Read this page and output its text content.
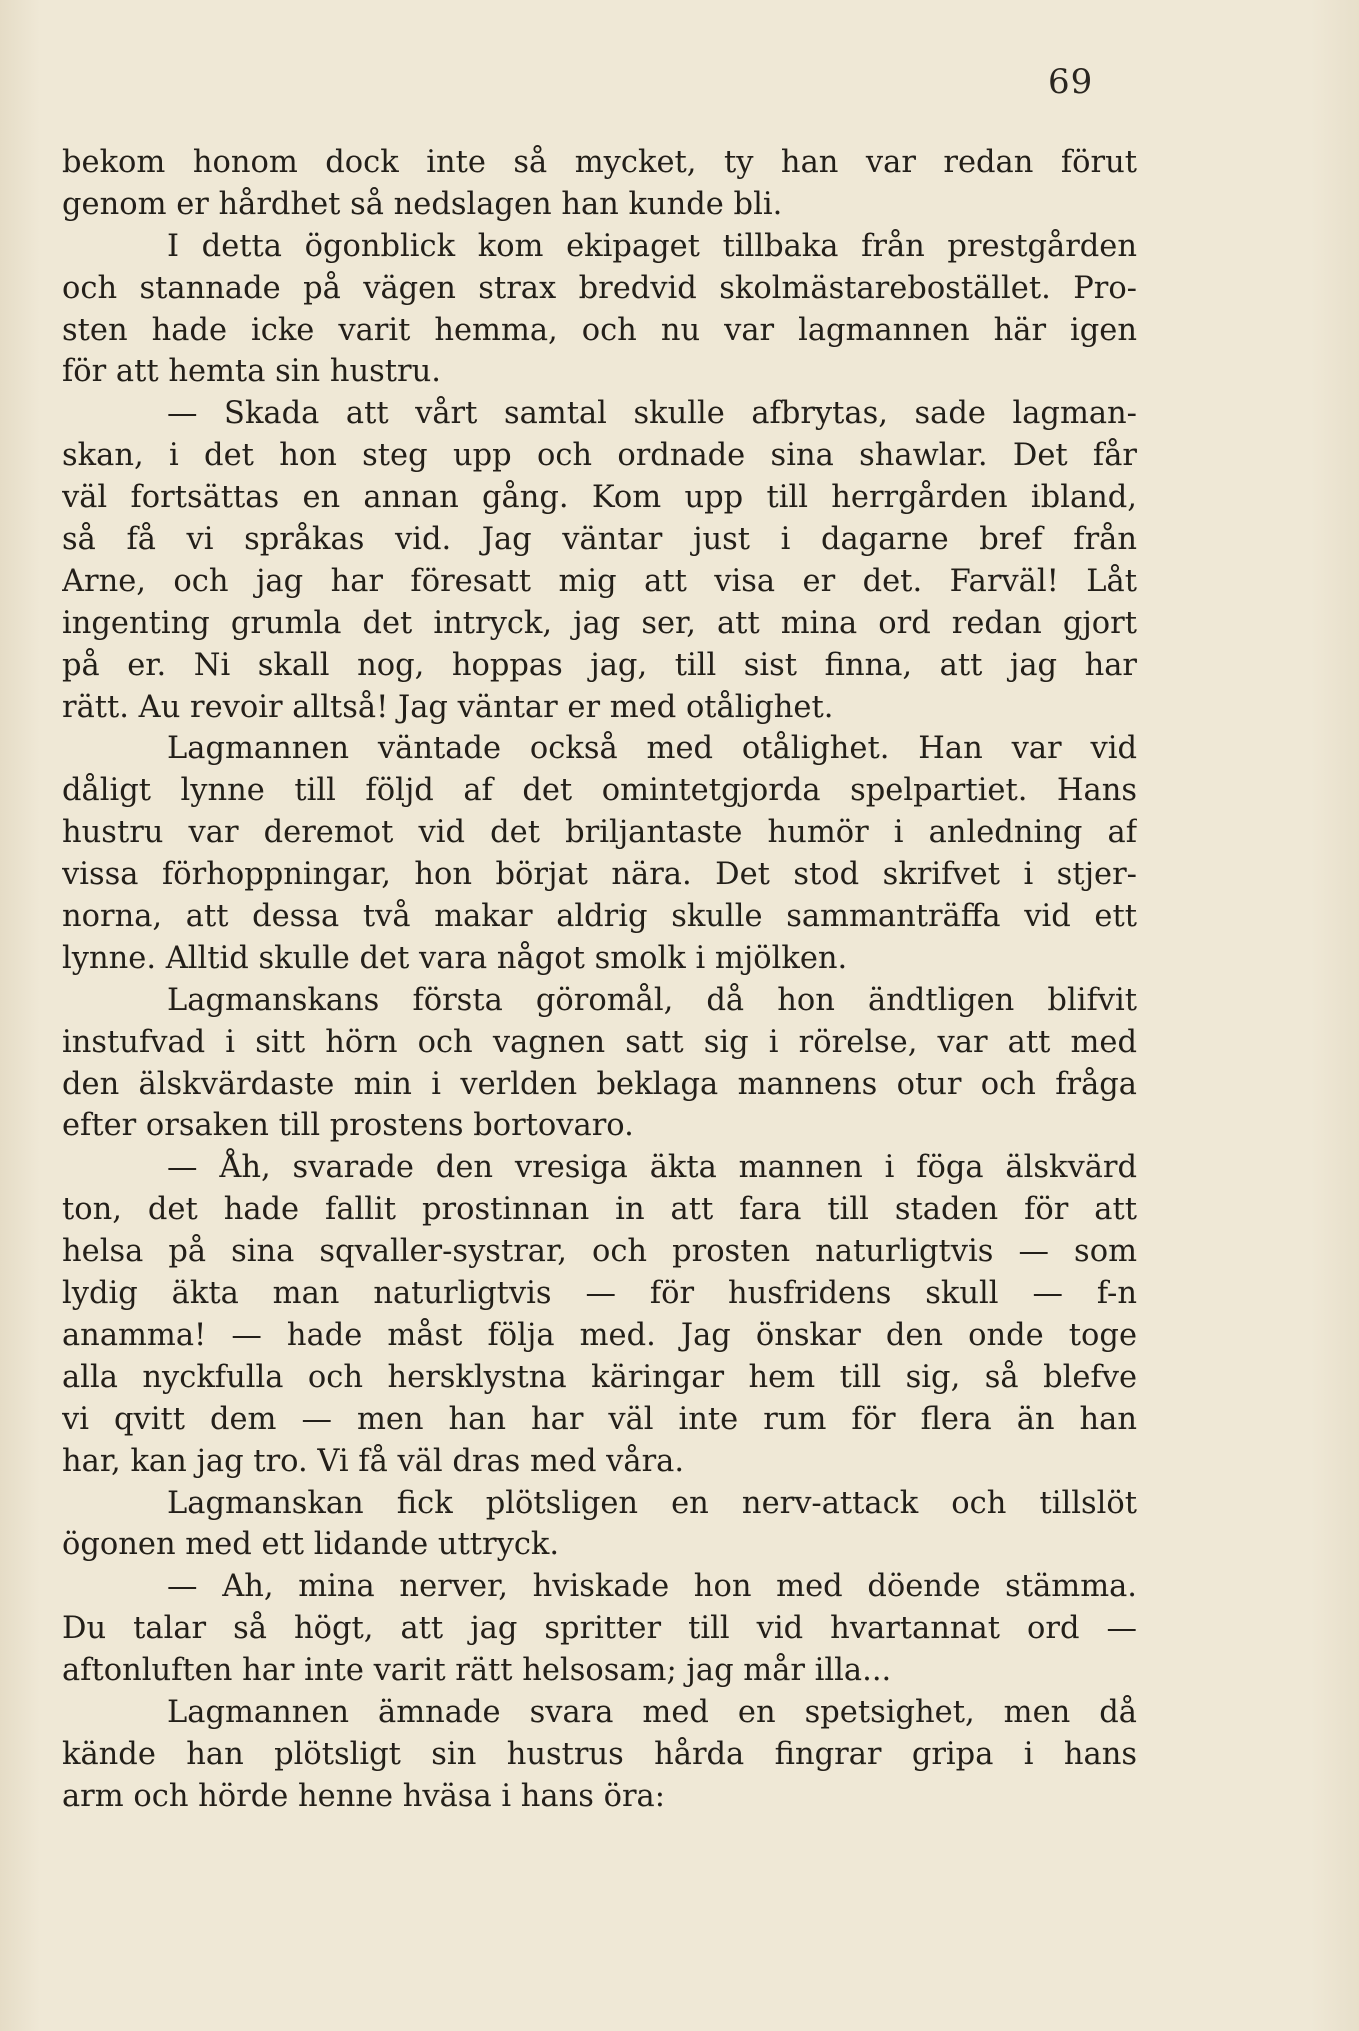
69
bekom honom dock inte så mycket, ty han var redan förut
genom er hårdhet så nedslagen han kunde bli.
I detta ögonblick kom ekipaget tillbaka från prestgården
och stannade på vägen strax bredvid skolmästarebostället. Pro-
sten hade icke varit hemma, och nu var lagmannen här igen
för att hemta sin hustru.
— Skada att vårt samtal skulle afbrytas, sade lagman-
skan, i det hon steg upp och ordnade sina shawlar. Det får
väl fortsättas en annan gång. Kom upp till herrgården ibland,
så få vi språkas vid. Jag väntar just i dagarne bref från
Arne, och jag har föresatt mig att visa er det. Farväl! Låt
ingenting grumla det intryck, jag ser, att mina ord redan gjort
på er. Ni skall nog, hoppas jag, till sist finna, att jag har
rätt. Au revoir alltså! Jag väntar er med otålighet.
Lagmannen väntade också med otålighet. Han var vid
dåligt lynne till följd af det omintetgjorda spelpartiet. Hans
hustru var deremot vid det briljantaste humör i anledning af
vissa förhoppningar, hon börjat nära. Det stod skrifvet i stjer-
norna, att dessa två makar aldrig skulle sammanträffa vid ett
lynne. Alltid skulle det vara något smolk i mjölken.
Lagmanskans första göromål, då hon ändtligen blifvit
instufvad i sitt hörn och vagnen satt sig i rörelse, var att med
den älskvärdaste min i verlden beklaga mannens otur och fråga
efter orsaken till prostens bortovaro.
— Åh, svarade den vresiga äkta mannen i föga älskvärd
ton, det hade fallit prostinnan in att fara till staden för att
helsa på sina sqvaller-systrar, och prosten naturligtvis — som
lydig äkta man naturligtvis — för husfridens skull — f-n
anamma! — hade måst följa med. Jag önskar den onde toge
alla nyckfulla och hersklystna käringar hem till sig, så blefve
vi qvitt dem — men han har väl inte rum för flera än han
har, kan jag tro. Vi få väl dras med våra.
Lagmanskan fick plötsligen en nerv-attack och tillslöt
ögonen med ett lidande uttryck.
— Ah, mina nerver, hviskade hon med döende stämma.
Du talar så högt, att jag spritter till vid hvartannat ord —
aftonluften har inte varit rätt helsosam; jag mår illa...
Lagmannen ämnade svara med en spetsighet, men då
kände han plötsligt sin hustrus hårda fingrar gripa i hans
arm och hörde henne hväsa i hans öra:
